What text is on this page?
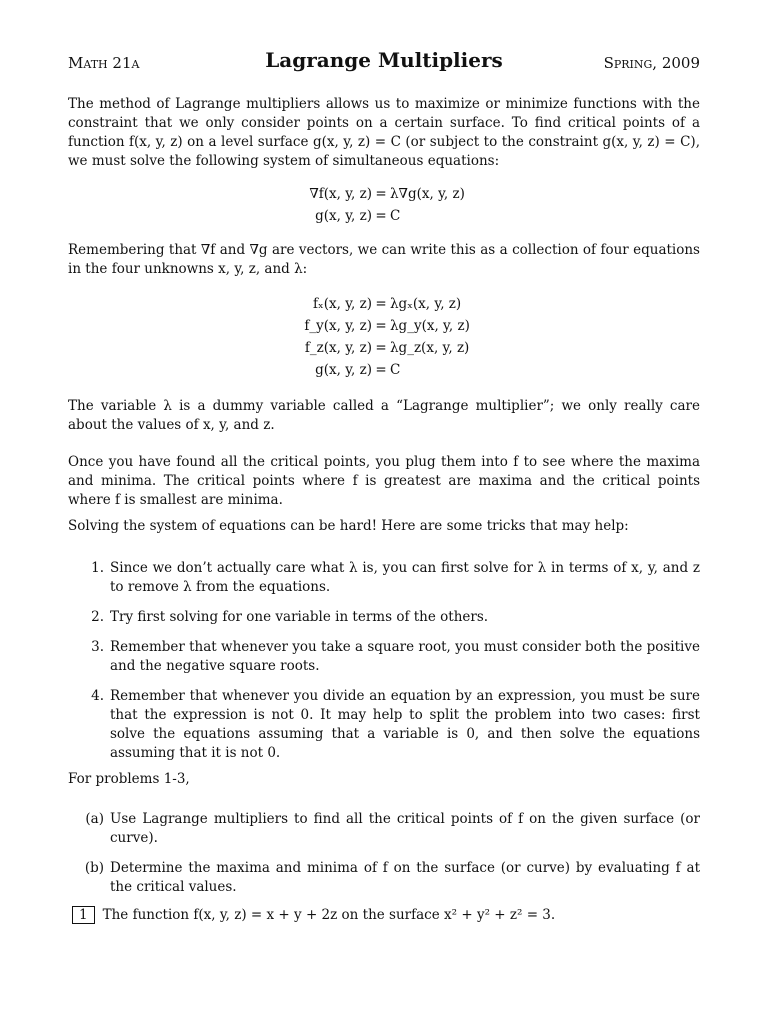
Math 21a	Lagrange Multipliers	Spring, 2009
The method of Lagrange multipliers allows us to maximize or minimize functions with the constraint that we only consider points on a certain surface. To find critical points of a function f(x, y, z) on a level surface g(x, y, z) = C (or subject to the constraint g(x, y, z) = C), we must solve the following system of simultaneous equations:
∇f(x, y, z) = λ∇g(x, y, z)
g(x, y, z) = C
Remembering that ∇f and ∇g are vectors, we can write this as a collection of four equations in the four unknowns x, y, z, and λ:
fₓ(x, y, z) = λgₓ(x, y, z)
f_y(x, y, z) = λg_y(x, y, z)
f_z(x, y, z) = λg_z(x, y, z)
g(x, y, z) = C
The variable λ is a dummy variable called a “Lagrange multiplier”; we only really care about the values of x, y, and z.
Once you have found all the critical points, you plug them into f to see where the maxima and minima. The critical points where f is greatest are maxima and the critical points where f is smallest are minima.
Solving the system of equations can be hard! Here are some tricks that may help:
1. Since we don’t actually care what λ is, you can first solve for λ in terms of x, y, and z to remove λ from the equations.
2. Try first solving for one variable in terms of the others.
3. Remember that whenever you take a square root, you must consider both the positive and the negative square roots.
4. Remember that whenever you divide an equation by an expression, you must be sure that the expression is not 0. It may help to split the problem into two cases: first solve the equations assuming that a variable is 0, and then solve the equations assuming that it is not 0.
For problems 1-3,
(a) Use Lagrange multipliers to find all the critical points of f on the given surface (or curve).
(b) Determine the maxima and minima of f on the surface (or curve) by evaluating f at the critical values.
1	The function f(x, y, z) = x + y + 2z on the surface x² + y² + z² = 3.
